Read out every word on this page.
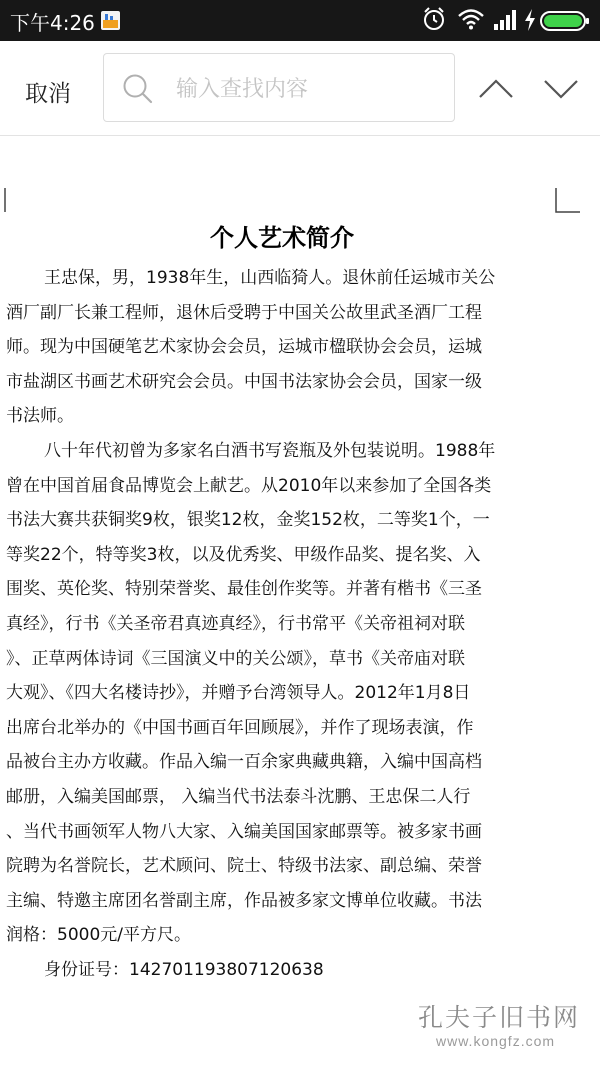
下午4:26
取消
输入查找内容
个人艺术简介
王忠保，男，1938年生，山西临猗人。退休前任运城市关公
酒厂副厂长兼工程师，退休后受聘于中国关公故里武圣酒厂工程
师。现为中国硬笔艺术家协会会员，运城市楹联协会会员，运城
市盐湖区书画艺术研究会会员。中国书法家协会会员，国家一级
书法师。
八十年代初曾为多家名白酒书写瓷瓶及外包装说明。1988年
曾在中国首届食品博览会上献艺。从2010年以来参加了全国各类
书法大赛共获铜奖9枚，银奖12枚，金奖152枚，二等奖1个，一
等奖22个，特等奖3枚，以及优秀奖、甲级作品奖、提名奖、入
围奖、英伦奖、特别荣誉奖、最佳创作奖等。并著有楷书《三圣
真经》，行书《关圣帝君真迹真经》，行书常平《关帝祖祠对联
》、正草两体诗词《三国演义中的关公颂》，草书《关帝庙对联
大观》、《四大名楼诗抄》，并赠予台湾领导人。2012年1月8日
出席台北举办的《中国书画百年回顾展》，并作了现场表演，作
品被台主办方收藏。作品入编一百余家典藏典籍，入编中国高档
邮册，入编美国邮票， 入编当代书法泰斗沈鹏、王忠保二人行
、当代书画领军人物八大家、入编美国国家邮票等。被多家书画
院聘为名誉院长，艺术顾问、院士、特级书法家、副总编、荣誉
主编、特邀主席团名誉副主席，作品被多家文博单位收藏。书法
润格：5000元/平方尺。
身份证号：142701193807120638
孔夫子旧书网
www.kongfz.com
